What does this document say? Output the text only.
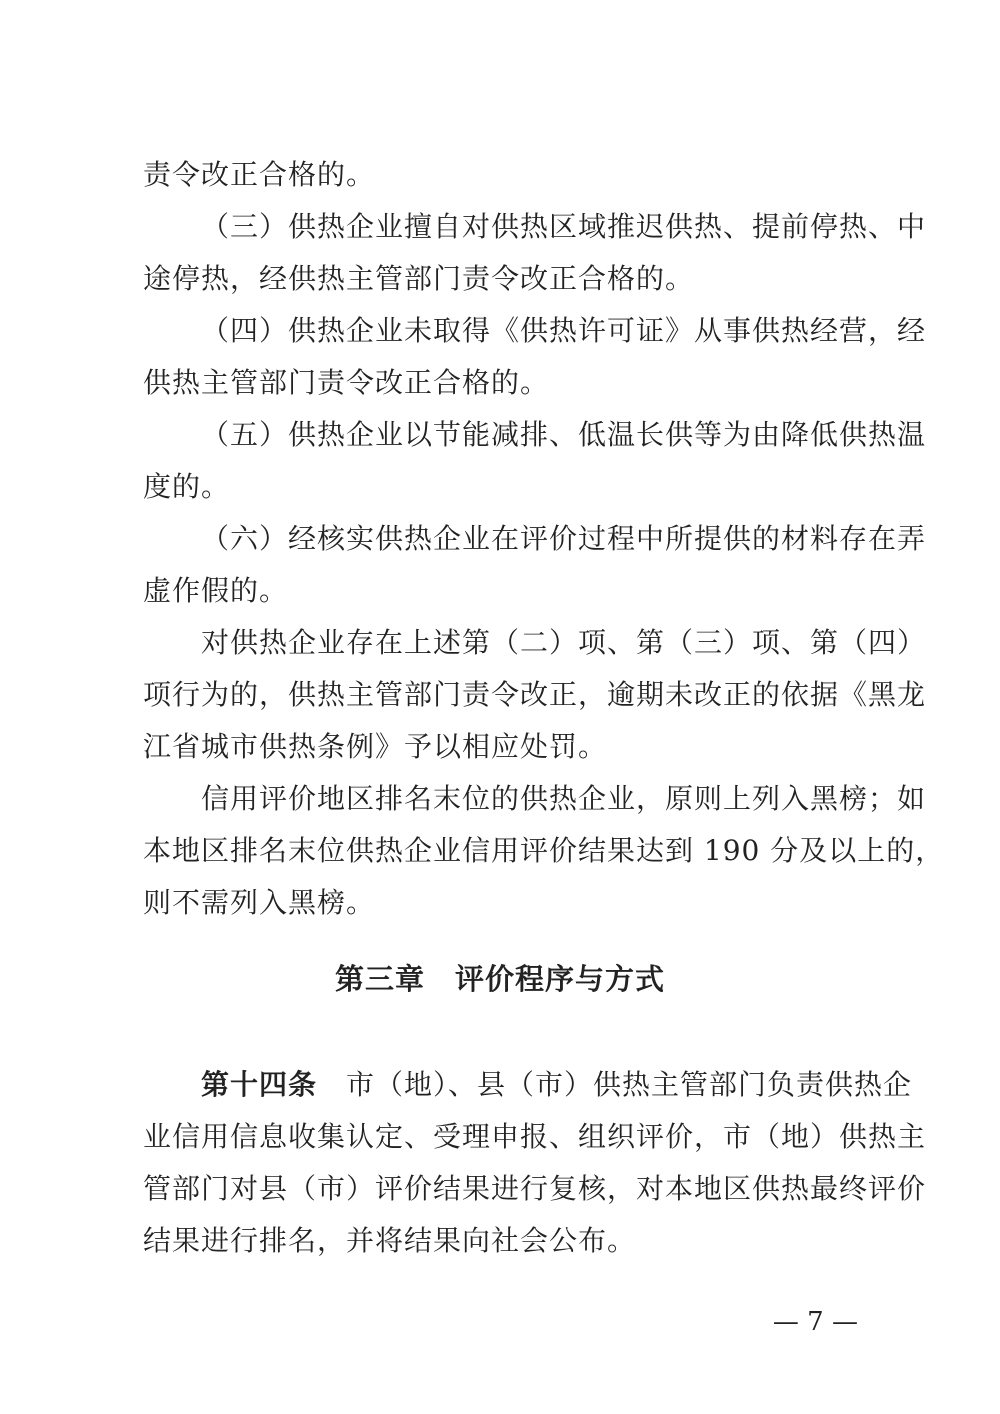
责令改正合格的。
（三）供热企业擅自对供热区域推迟供热、提前停热、中
途停热，经供热主管部门责令改正合格的。
（四）供热企业未取得《供热许可证》从事供热经营，经
供热主管部门责令改正合格的。
（五）供热企业以节能减排、低温长供等为由降低供热温
度的。
（六）经核实供热企业在评价过程中所提供的材料存在弄
虚作假的。
对供热企业存在上述第（二）项、第（三）项、第（四）
项行为的，供热主管部门责令改正，逾期未改正的依据《黑龙
江省城市供热条例》予以相应处罚。
信用评价地区排名末位的供热企业，原则上列入黑榜；如
本地区排名末位供热企业信用评价结果达到 190 分及以上的，
则不需列入黑榜。
第三章　评价程序与方式
第十四条　市（地）、县（市）供热主管部门负责供热企
业信用信息收集认定、受理申报、组织评价，市（地）供热主
管部门对县（市）评价结果进行复核，对本地区供热最终评价
结果进行排名，并将结果向社会公布。
— 7 —
